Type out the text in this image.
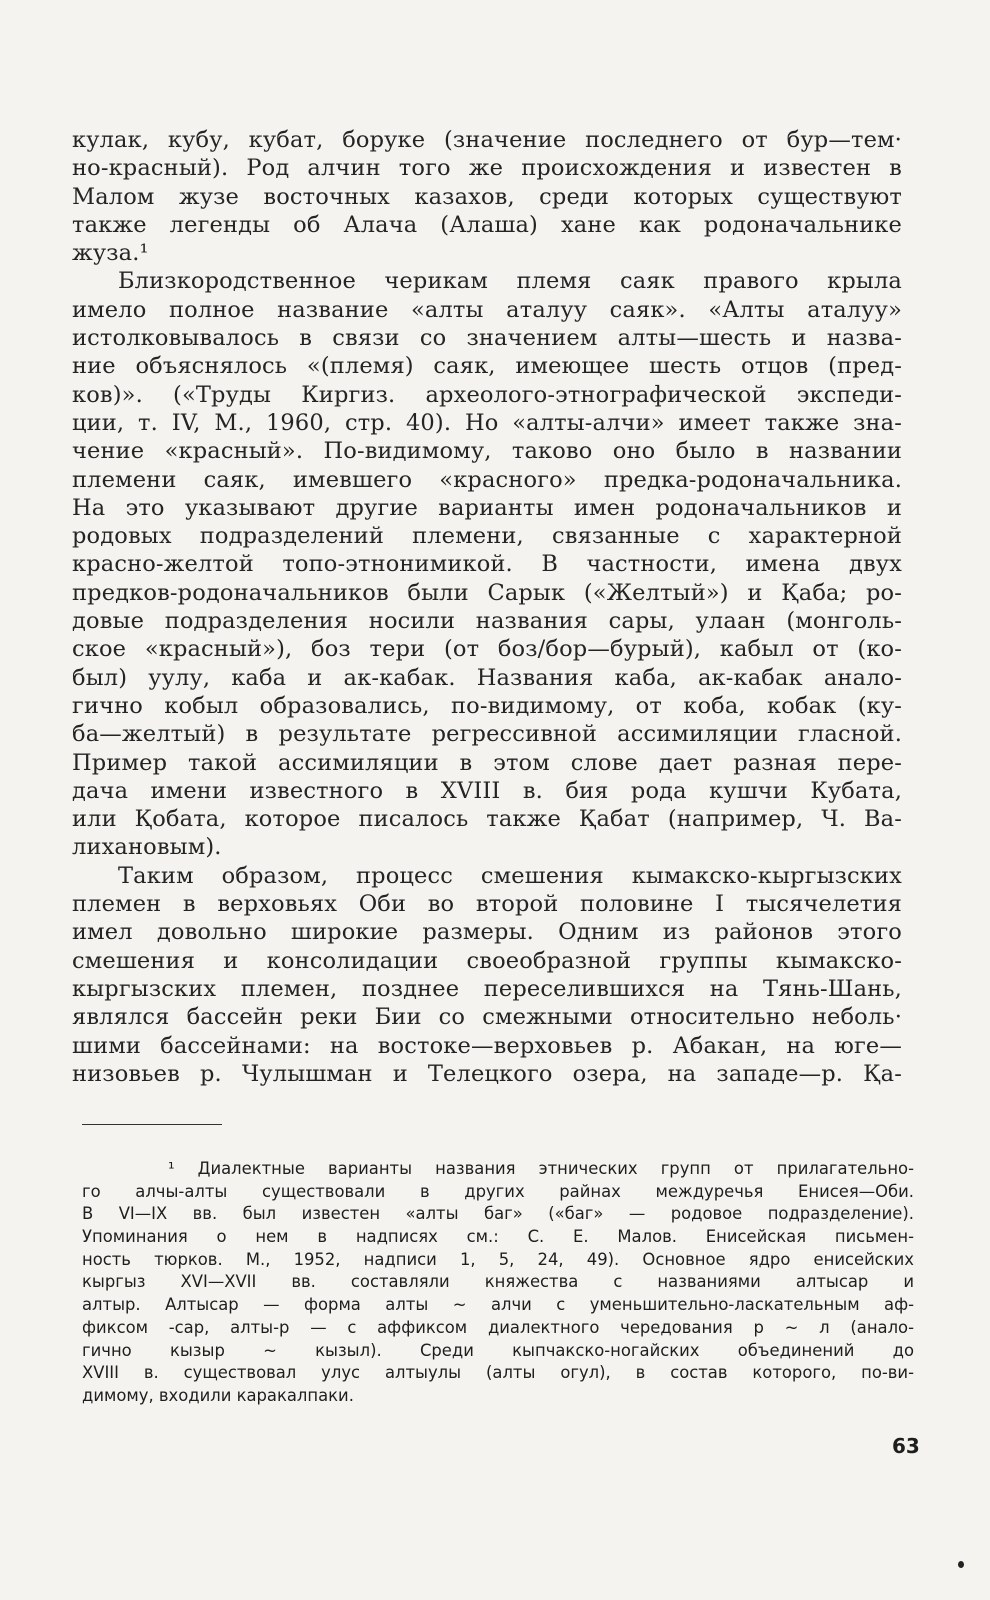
кулак, кубу, кубат, боруке (значение последнего от бур—тем·
но-красный). Род алчин того же происхождения и известен в
Малом жузе восточных казахов, среди которых существуют
также легенды об Алача (Алаша) хане как родоначальнике
жуза.¹
Близкородственное черикам племя саяк правого крыла
имело полное название «алты аталуу саяк». «Алты аталуу»
истолковывалось в связи со значением алты—шесть и назва-
ние объяснялось «(племя) саяк, имеющее шесть отцов (пред-
ков)». («Труды Киргиз. археолого-этнографической экспеди-
ции, т. IV, М., 1960, стр. 40). Но «алты-алчи» имеет также зна-
чение «красный». По-видимому, таково оно было в названии
племени саяк, имевшего «красного» предка-родоначальника.
На это указывают другие варианты имен родоначальников и
родовых подразделений племени, связанные с характерной
красно-желтой топо-этнонимикой. В частности, имена двух
предков-родоначальников были Сарык («Желтый») и Қаба; ро-
довые подразделения носили названия сары, улаан (монголь-
ское «красный»), боз тери (от боз/бор—бурый), кабыл от (ко-
был) уулу, каба и ак-кабак. Названия каба, ак-кабак анало-
гично кобыл образовались, по-видимому, от коба, кобак (ку-
ба—желтый) в результате регрессивной ассимиляции гласной.
Пример такой ассимиляции в этом слове дает разная пере-
дача имени известного в XVIII в. бия рода кушчи Кубата,
или Қобата, которое писалось также Қабат (например, Ч. Ва-
лихановым).
Таким образом, процесс смешения кымакско-кыргызских
племен в верховьях Оби во второй половине I тысячелетия
имел довольно широкие размеры. Одним из районов этого
смешения и консолидации своеобразной группы кымакско-
кыргызских племен, позднее переселившихся на Тянь-Шань,
являлся бассейн реки Бии со смежными относительно неболь·
шими бассейнами: на востоке—верховьев р. Абакан, на юге—
низовьев р. Чулышман и Телецкого озера, на западе—р. Қа-
¹ Диалектные варианты названия этнических групп от прилагательно-
го алчы-алты существовали в других райнах междуречья Енисея—Оби.
В VI—IX вв. был известен «алты баг» («баг» — родовое подразделение).
Упоминания о нем в надписях см.: С. Е. Малов. Енисейская письмен-
ность тюрков. М., 1952, надписи 1, 5, 24, 49). Основное ядро енисейских
кыргыз XVI—XVII вв. составляли княжества с названиями алтысар и
алтыр. Алтысар — форма алты ~ алчи с уменьшительно-ласкательным аф-
фиксом -сар, алты-р — с аффиксом диалектного чередования р ~ л (анало-
гично кызыр ~ кызыл). Среди кыпчакско-ногайских объединений до
XVIII в. существовал улус алтыулы (алты огул), в состав которого, по-ви-
димому, входили каракалпаки.
63
